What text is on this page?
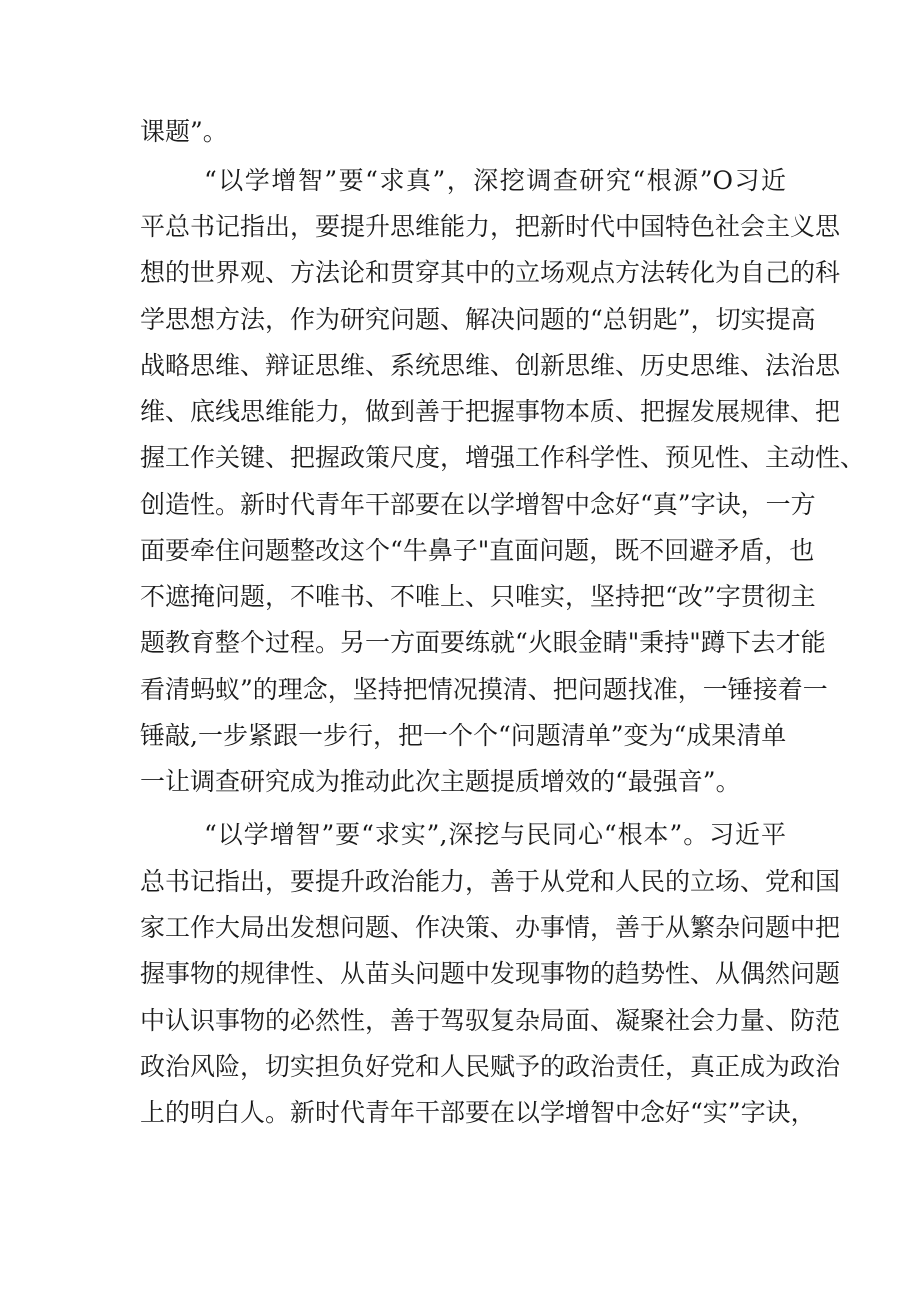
课题”。
“以学增智”要“求真”，深挖调查研究“根源”O习近
平总书记指出，要提升思维能力，把新时代中国特色社会主义思
想的世界观、方法论和贯穿其中的立场观点方法转化为自己的科
学思想方法，作为研究问题、解决问题的“总钥匙”，切实提高
战略思维、辩证思维、系统思维、创新思维、历史思维、法治思
维、底线思维能力，做到善于把握事物本质、把握发展规律、把
握工作关键、把握政策尺度，增强工作科学性、预见性、主动性、
创造性。新时代青年干部要在以学增智中念好“真”字诀，一方
面要牵住问题整改这个“牛鼻子"直面问题，既不回避矛盾，也
不遮掩问题，不唯书、不唯上、只唯实，坚持把“改”字贯彻主
题教育整个过程。另一方面要练就“火眼金睛"秉持"蹲下去才能
看清蚂蚁”的理念，坚持把情况摸清、把问题找准，一锤接着一
锤敲,一步紧跟一步行，把一个个“问题清单”变为“成果清单
一让调查研究成为推动此次主题提质增效的“最强音”。
“以学增智”要“求实”,深挖与民同心“根本”。习近平
总书记指出，要提升政治能力，善于从党和人民的立场、党和国
家工作大局出发想问题、作决策、办事情，善于从繁杂问题中把
握事物的规律性、从苗头问题中发现事物的趋势性、从偶然问题
中认识事物的必然性，善于驾驭复杂局面、凝聚社会力量、防范
政治风险，切实担负好党和人民赋予的政治责任，真正成为政治
上的明白人。新时代青年干部要在以学增智中念好“实”字诀，
